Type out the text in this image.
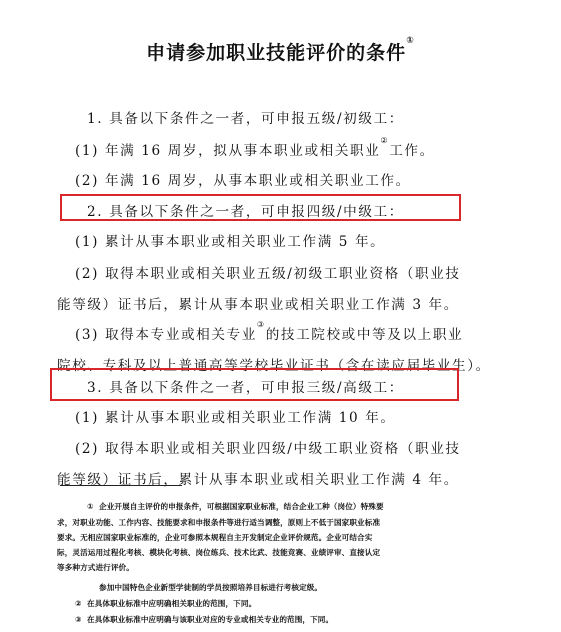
申请参加职业技能评价的条件①
1. 具备以下条件之一者，可申报五级/初级工：
(1) 年满 16 周岁，拟从事本职业或相关职业②工作。
(2) 年满 16 周岁，从事本职业或相关职业工作。
2. 具备以下条件之一者，可申报四级/中级工：
(1) 累计从事本职业或相关职业工作满 5 年。
(2) 取得本职业或相关职业五级/初级工职业资格（职业技
能等级）证书后，累计从事本职业或相关职业工作满 3 年。
(3) 取得本专业或相关专业③的技工院校或中等及以上职业
院校、专科及以上普通高等学校毕业证书（含在读应届毕业生）。
3. 具备以下条件之一者，可申报三级/高级工：
(1) 累计从事本职业或相关职业工作满 10 年。
(2) 取得本职业或相关职业四级/中级工职业资格（职业技
能等级）证书后，累计从事本职业或相关职业工作满 4 年。
① 企业开展自主评价的申报条件，可根据国家职业标准，结合企业工种（岗位）特殊要
求，对职业功能、工作内容、技能要求和申报条件等进行适当调整，原则上不低于国家职业标准
要求。无相应国家职业标准的，企业可参照本规程自主开发制定企业评价规范。企业可结合实
际，灵活运用过程化考核、模块化考核、岗位练兵、技术比武、技能竞赛、业绩评审、直接认定
等多种方式进行评价。
参加中国特色企业新型学徒制的学员按照培养目标进行考核定级。
② 在具体职业标准中应明确相关职业的范围，下同。
③ 在具体职业标准中应明确与该职业对应的专业或相关专业的范围，下同。
